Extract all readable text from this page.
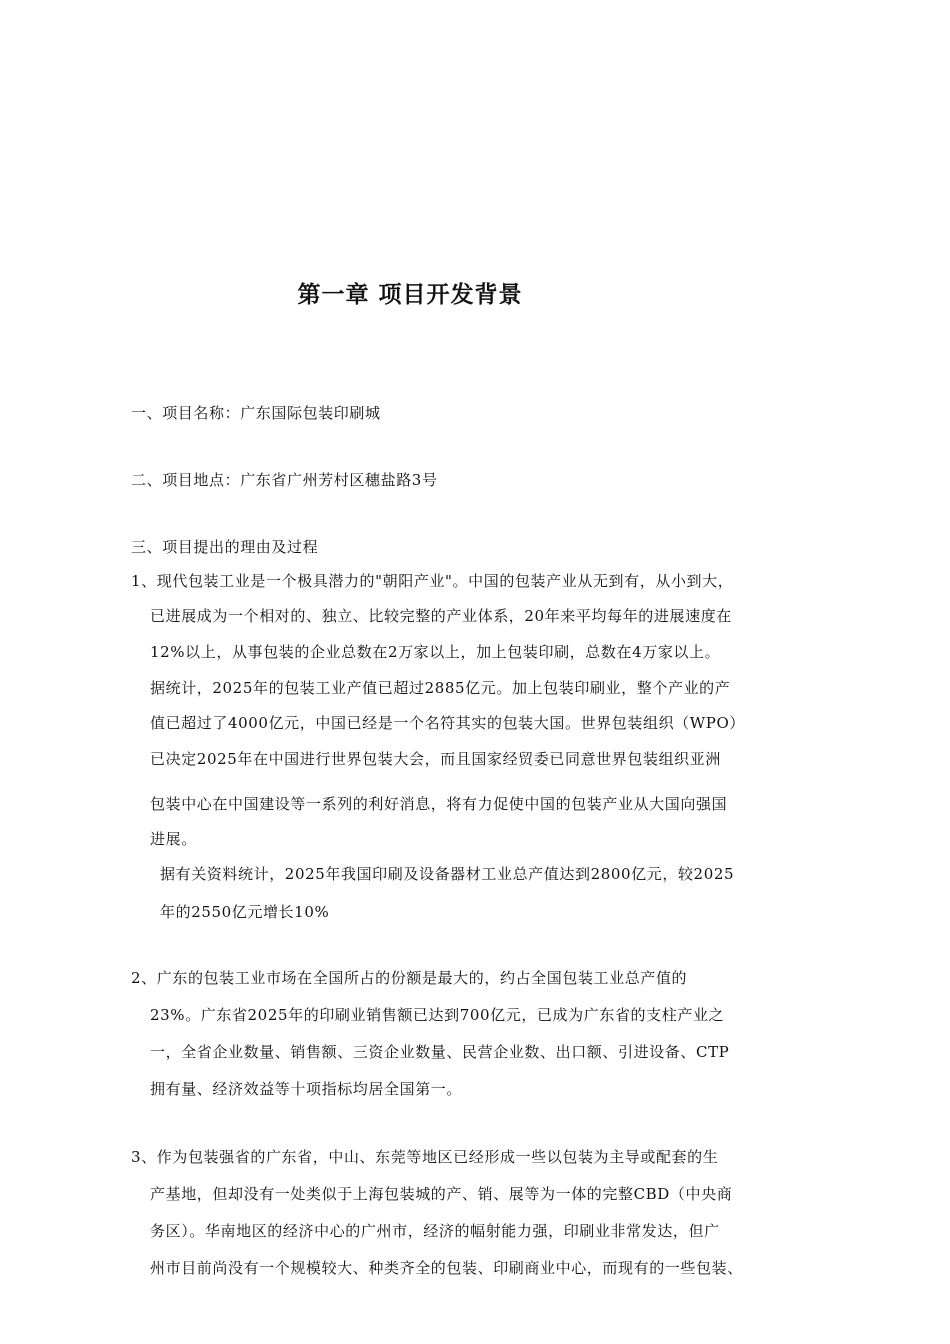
第一章 项目开发背景

一、项目名称：广东国际包装印刷城

二、项目地点：广东省广州芳村区穗盐路3号

三、项目提出的理由及过程

1、现代包装工业是一个极具潜力的"朝阳产业"。中国的包装产业从无到有，从小到大，

已进展成为一个相对的、独立、比较完整的产业体系，20年来平均每年的进展速度在

12%以上，从事包装的企业总数在2万家以上，加上包装印刷，总数在4万家以上。

据统计，2025年的包装工业产值已超过2885亿元。加上包装印刷业，整个产业的产

值已超过了4000亿元，中国已经是一个名符其实的包装大国。世界包装组织（WPO）

已决定2025年在中国进行世界包装大会，而且国家经贸委已同意世界包装组织亚洲

包装中心在中国建设等一系列的利好消息，将有力促使中国的包装产业从大国向强国

进展。

据有关资料统计，2025年我国印刷及设备器材工业总产值达到2800亿元，较2025

年的2550亿元增长10%

2、广东的包装工业市场在全国所占的份额是最大的，约占全国包装工业总产值的

23%。广东省2025年的印刷业销售额已达到700亿元，已成为广东省的支柱产业之

一，全省企业数量、销售额、三资企业数量、民营企业数、出口额、引进设备、CTP

拥有量、经济效益等十项指标均居全国第一。

3、作为包装强省的广东省，中山、东莞等地区已经形成一些以包装为主导或配套的生

产基地，但却没有一处类似于上海包装城的产、销、展等为一体的完整CBD（中央商

务区）。华南地区的经济中心的广州市，经济的幅射能力强，印刷业非常发达，但广

州市目前尚没有一个规模较大、种类齐全的包装、印刷商业中心，而现有的一些包装、
